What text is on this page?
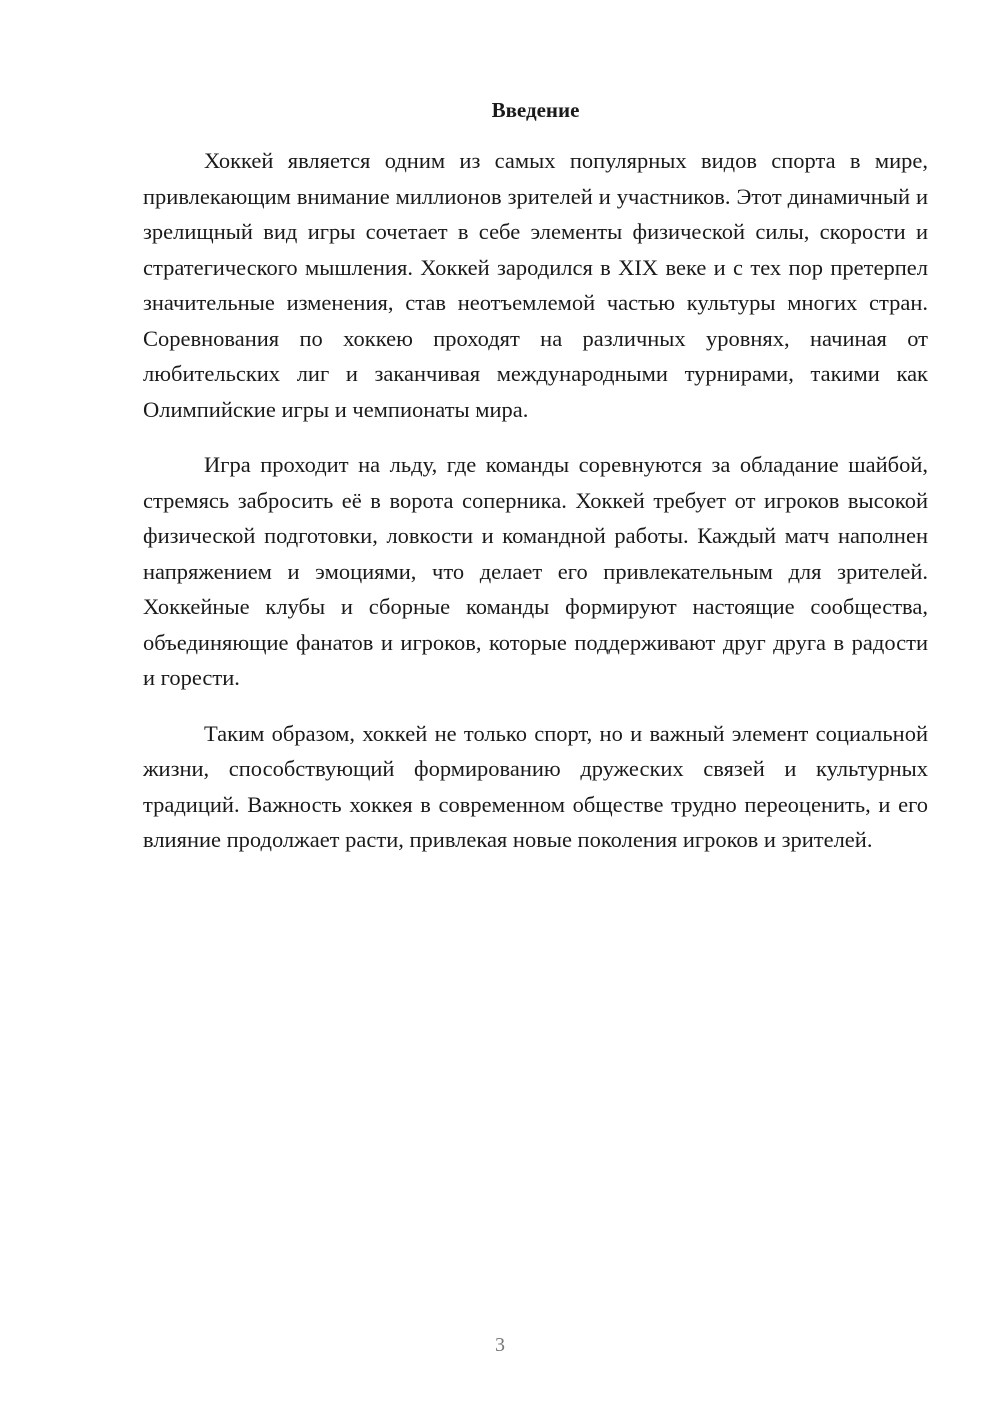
Введение

Хоккей является одним из самых популярных видов спорта в мире, привлекающим внимание миллионов зрителей и участников. Этот динамичный и зрелищный вид игры сочетает в себе элементы физической силы, скорости и стратегического мышления. Хоккей зародился в XIX веке и с тех пор претерпел значительные изменения, став неотъемлемой частью культуры многих стран. Соревнования по хоккею проходят на различных уровнях, начиная от любительских лиг и заканчивая международными турнирами, такими как Олимпийские игры и чемпионаты мира.

Игра проходит на льду, где команды соревнуются за обладание шайбой, стремясь забросить её в ворота соперника. Хоккей требует от игроков высокой физической подготовки, ловкости и командной работы. Каждый матч наполнен напряжением и эмоциями, что делает его привлекательным для зрителей. Хоккейные клубы и сборные команды формируют настоящие сообщества, объединяющие фанатов и игроков, которые поддерживают друг друга в радости и горести.

Таким образом, хоккей не только спорт, но и важный элемент социальной жизни, способствующий формированию дружеских связей и культурных традиций. Важность хоккея в современном обществе трудно переоценить, и его влияние продолжает расти, привлекая новые поколения игроков и зрителей.

3
